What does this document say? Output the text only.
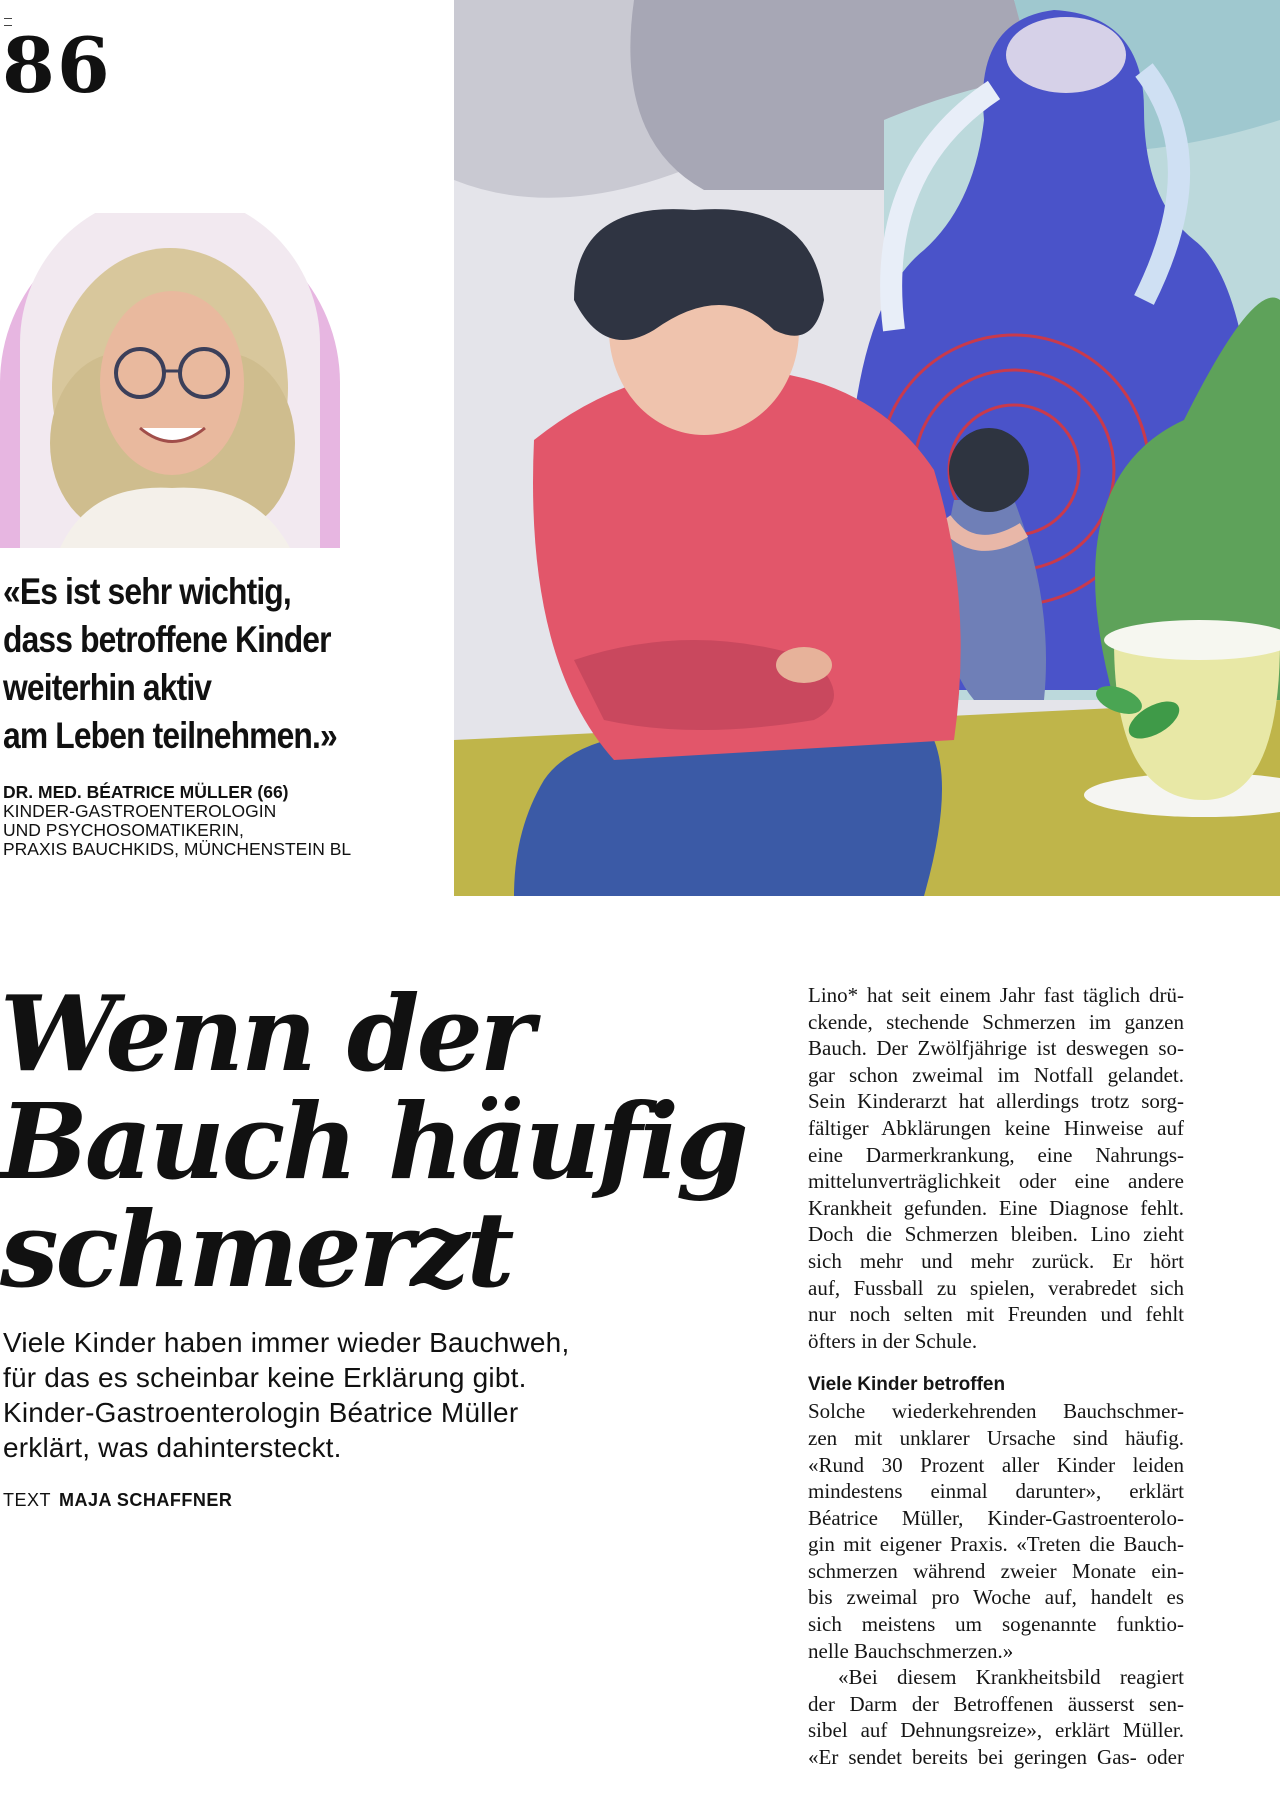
86
«Es ist sehr wichtig,
dass betroffene Kinder
weiterhin aktiv
am Leben teilnehmen.»
DR. MED. BÉATRICE MÜLLER (66)
KINDER-GASTROENTEROLOGIN
UND PSYCHOSOMATIKERIN,
PRAXIS BAUCHKIDS, MÜNCHENSTEIN BL
Wenn der
Bauch häufig
schmerzt
Viele Kinder haben immer wieder Bauchweh,
für das es scheinbar keine Erklärung gibt.
Kinder-Gastroenterologin Béatrice Müller
erklärt, was dahintersteckt.
TEXT MAJA SCHAFFNER

Lino* hat seit einem Jahr fast täglich drü-
ckende, stechende Schmerzen im ganzen
Bauch. Der Zwölfjährige ist deswegen so-
gar schon zweimal im Notfall gelandet.
Sein Kinderarzt hat allerdings trotz sorg-
fältiger Abklärungen keine Hinweise auf
eine Darmerkrankung, eine Nahrungs-
mittelunverträglichkeit oder eine andere
Krankheit gefunden. Eine Diagnose fehlt.
Doch die Schmerzen bleiben. Lino zieht
sich mehr und mehr zurück. Er hört
auf, Fussball zu spielen, verabredet sich
nur noch selten mit Freunden und fehlt
öfters in der Schule.

Viele Kinder betroffen

Solche wiederkehrenden Bauchschmer-
zen mit unklarer Ursache sind häufig.
«Rund 30 Prozent aller Kinder leiden
mindestens einmal darunter», erklärt
Béatrice Müller, Kinder-Gastroenterolo-
gin mit eigener Praxis. «Treten die Bauch-
schmerzen während zweier Monate ein-
bis zweimal pro Woche auf, handelt es
sich meistens um sogenannte funktio-
nelle Bauchschmerzen.»

«Bei diesem Krankheitsbild reagiert
der Darm der Betroffenen äusserst sen-
sibel auf Dehnungsreize», erklärt Müller.
«Er sendet bereits bei geringen Gas- oder
